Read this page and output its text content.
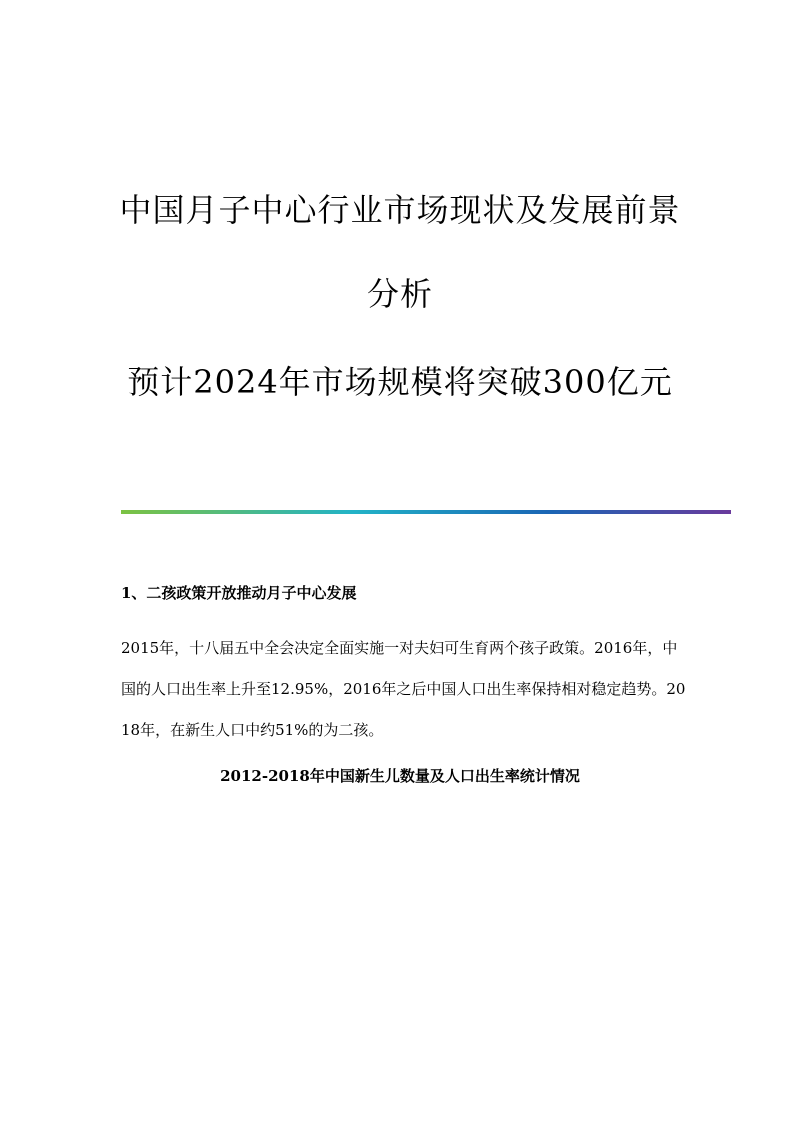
中国月子中心行业市场现状及发展前景
分析
预计2024年市场规模将突破300亿元
1、二孩政策开放推动月子中心发展

2015年，十八届五中全会决定全面实施一对夫妇可生育两个孩子政策。2016年，中国的人口出生率上升至12.95%，2016年之后中国人口出生率保持相对稳定趋势。2018年，在新生人口中约51%的为二孩。

2012-2018年中国新生儿数量及人口出生率统计情况
